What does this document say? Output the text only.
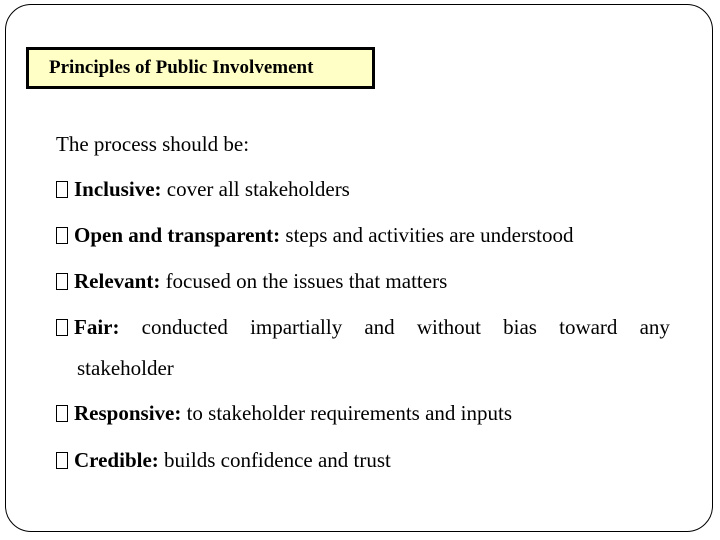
Principles of Public Involvement
The process should be:
Inclusive: cover all stakeholders
Open and transparent: steps and activities are understood
Relevant: focused on the issues that matters
Fair: conducted impartially and without bias toward any
stakeholder
Responsive: to stakeholder requirements and inputs
Credible: builds confidence and trust
